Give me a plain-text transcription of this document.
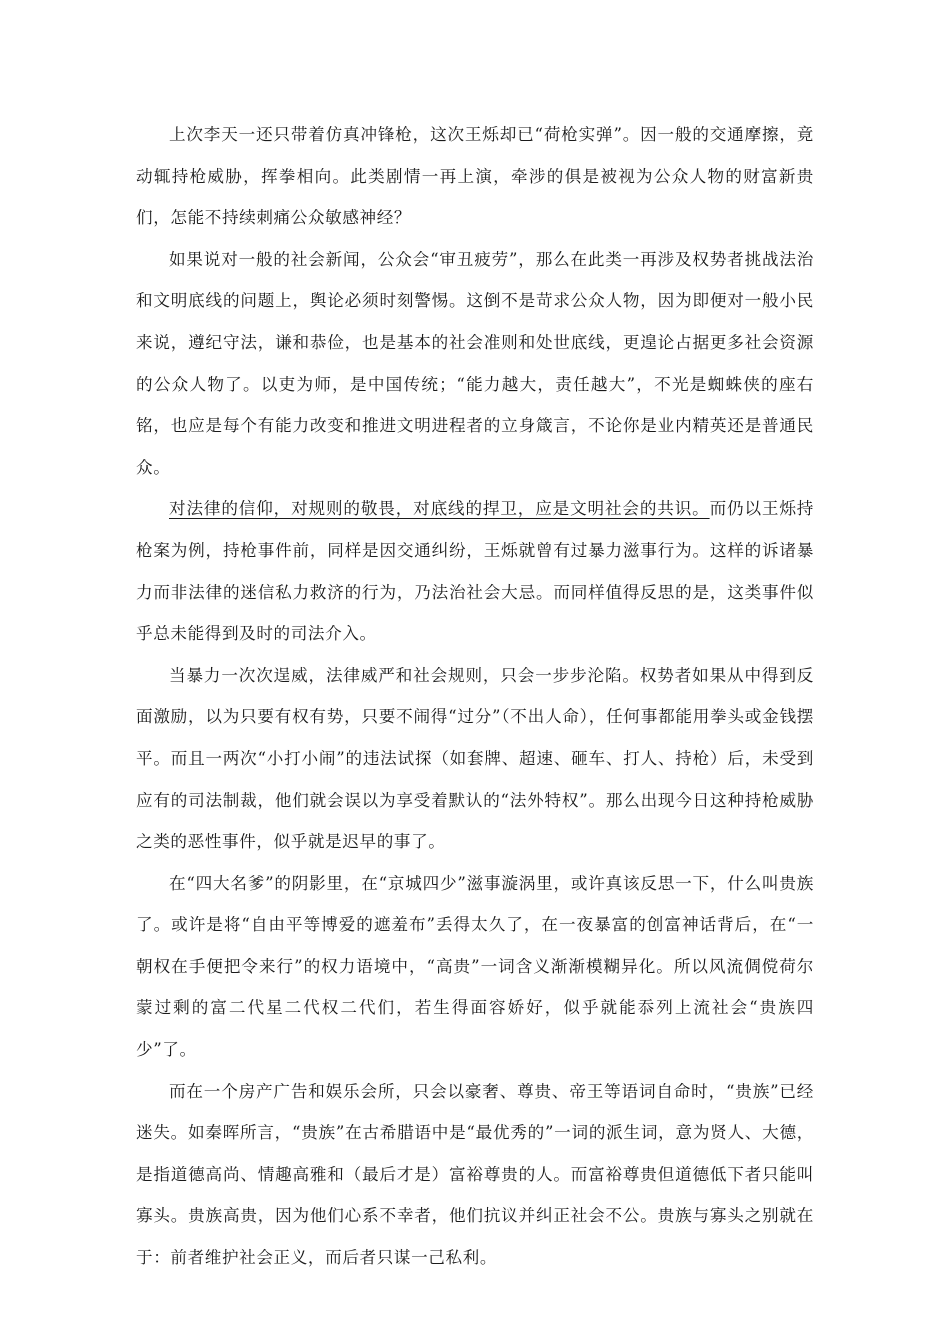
上次李天一还只带着仿真冲锋枪，这次王烁却已“荷枪实弹”。因一般的交通摩擦，竟动辄持枪威胁，挥拳相向。此类剧情一再上演，牵涉的俱是被视为公众人物的财富新贵们，怎能不持续刺痛公众敏感神经？

如果说对一般的社会新闻，公众会“审丑疲劳”，那么在此类一再涉及权势者挑战法治和文明底线的问题上，舆论必须时刻警惕。这倒不是苛求公众人物，因为即便对一般小民来说，遵纪守法，谦和恭俭，也是基本的社会准则和处世底线，更遑论占据更多社会资源的公众人物了。以吏为师，是中国传统；“能力越大，责任越大”，不光是蜘蛛侠的座右铭，也应是每个有能力改变和推进文明进程者的立身箴言，不论你是业内精英还是普通民众。

对法律的信仰，对规则的敬畏，对底线的捍卫，应是文明社会的共识。而仍以王烁持枪案为例，持枪事件前，同样是因交通纠纷，王烁就曾有过暴力滋事行为。这样的诉诸暴力而非法律的迷信私力救济的行为，乃法治社会大忌。而同样值得反思的是，这类事件似乎总未能得到及时的司法介入。

当暴力一次次逞威，法律威严和社会规则，只会一步步沦陷。权势者如果从中得到反面激励，以为只要有权有势，只要不闹得“过分”（不出人命），任何事都能用拳头或金钱摆平。而且一两次“小打小闹”的违法试探（如套牌、超速、砸车、打人、持枪）后，未受到应有的司法制裁，他们就会误以为享受着默认的“法外特权”。那么出现今日这种持枪威胁之类的恶性事件，似乎就是迟早的事了。

在“四大名爹”的阴影里，在“京城四少”滋事漩涡里，或许真该反思一下，什么叫贵族了。或许是将“自由平等博爱的遮羞布”丢得太久了，在一夜暴富的创富神话背后，在“一朝权在手便把令来行”的权力语境中，“高贵”一词含义渐渐模糊异化。所以风流倜傥荷尔蒙过剩的富二代星二代权二代们，若生得面容娇好，似乎就能忝列上流社会“贵族四少”了。

而在一个房产广告和娱乐会所，只会以豪奢、尊贵、帝王等语词自命时，“贵族”已经迷失。如秦晖所言，“贵族”在古希腊语中是“最优秀的”一词的派生词，意为贤人、大德，是指道德高尚、情趣高雅和（最后才是）富裕尊贵的人。而富裕尊贵但道德低下者只能叫寡头。贵族高贵，因为他们心系不幸者，他们抗议并纠正社会不公。贵族与寡头之别就在于：前者维护社会正义，而后者只谋一己私利。
